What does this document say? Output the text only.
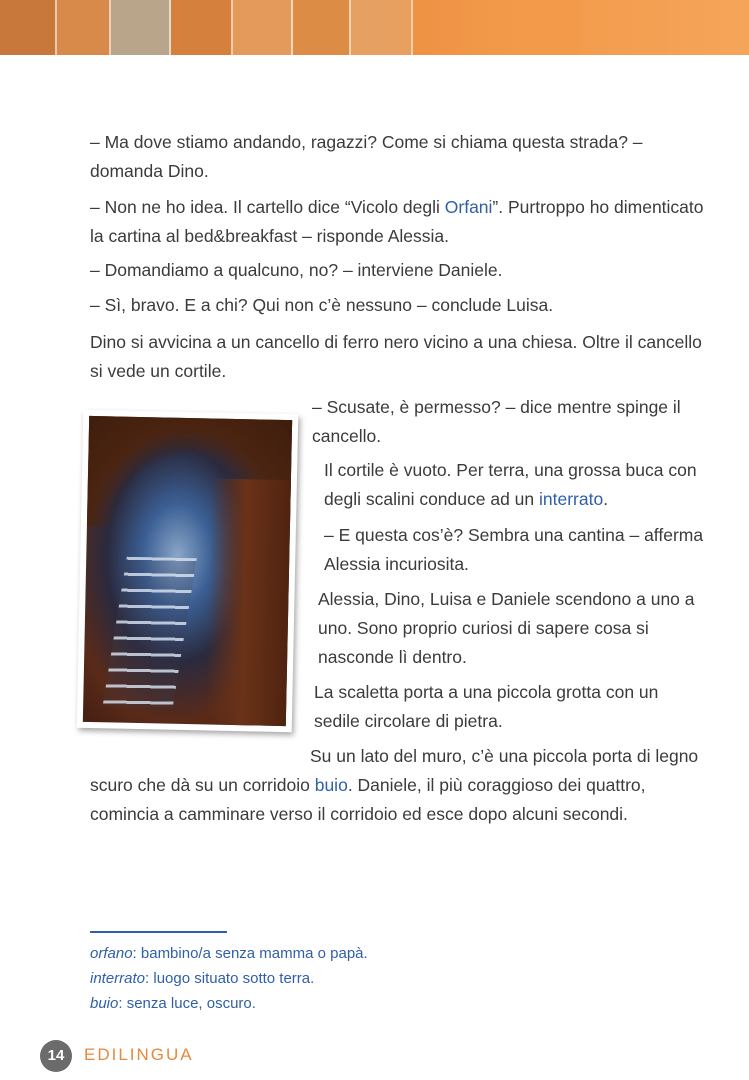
– Ma dove stiamo andando, ragazzi? Come si chiama questa strada? – domanda Dino.

– Non ne ho idea. Il cartello dice “Vicolo degli Orfani”. Purtroppo ho dimenticato la cartina al bed&breakfast – risponde Alessia.

– Domandiamo a qualcuno, no? – interviene Daniele.

– Sì, bravo. E a chi? Qui non c’è nessuno – conclude Luisa.

Dino si avvicina a un cancello di ferro nero vicino a una chiesa. Oltre il cancello si vede un cortile.

– Scusate, è permesso? – dice mentre spinge il cancello.

Il cortile è vuoto. Per terra, una grossa buca con degli scalini conduce ad un interrato.

– E questa cos’è? Sembra una cantina – afferma Alessia incuriosita.

Alessia, Dino, Luisa e Daniele scendono a uno a uno. Sono proprio curiosi di sapere cosa si nasconde lì dentro.

La scaletta porta a una piccola grotta con un sedile circolare di pietra.

Su un lato del muro, c’è una piccola porta di legno scuro che dà su un corridoio buio. Daniele, il più coraggioso dei quattro, comincia a camminare verso il corridoio ed esce dopo alcuni secondi.

orfano: bambino/a senza mamma o papà.

interrato: luogo situato sotto terra.

buio: senza luce, oscuro.

14	EDILINGUA
